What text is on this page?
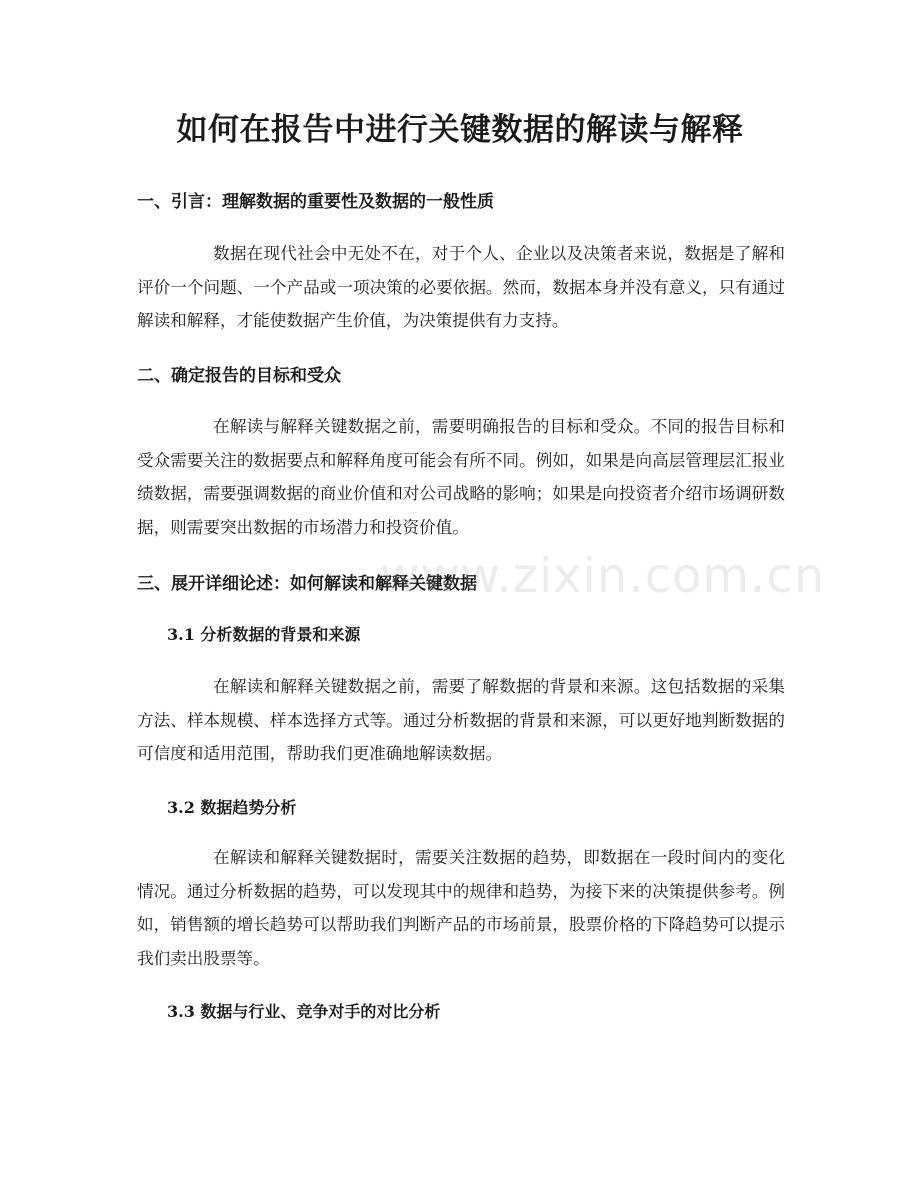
如何在报告中进行关键数据的解读与解释
一、引言：理解数据的重要性及数据的一般性质

数据在现代社会中无处不在，对于个人、企业以及决策者来说，数据是了解和评价一个问题、一个产品或一项决策的必要依据。然而，数据本身并没有意义，只有通过解读和解释，才能使数据产生价值，为决策提供有力支持。

二、确定报告的目标和受众

在解读与解释关键数据之前，需要明确报告的目标和受众。不同的报告目标和受众需要关注的数据要点和解释角度可能会有所不同。例如，如果是向高层管理层汇报业绩数据，需要强调数据的商业价值和对公司战略的影响；如果是向投资者介绍市场调研数据，则需要突出数据的市场潜力和投资价值。

三、展开详细论述：如何解读和解释关键数据
3.1 分析数据的背景和来源

在解读和解释关键数据之前，需要了解数据的背景和来源。这包括数据的采集方法、样本规模、样本选择方式等。通过分析数据的背景和来源，可以更好地判断数据的可信度和适用范围，帮助我们更准确地解读数据。

3.2 数据趋势分析

在解读和解释关键数据时，需要关注数据的趋势，即数据在一段时间内的变化情况。通过分析数据的趋势，可以发现其中的规律和趋势，为接下来的决策提供参考。例如，销售额的增长趋势可以帮助我们判断产品的市场前景，股票价格的下降趋势可以提示我们卖出股票等。

3.3 数据与行业、竞争对手的对比分析
www.zixin.com.cn
